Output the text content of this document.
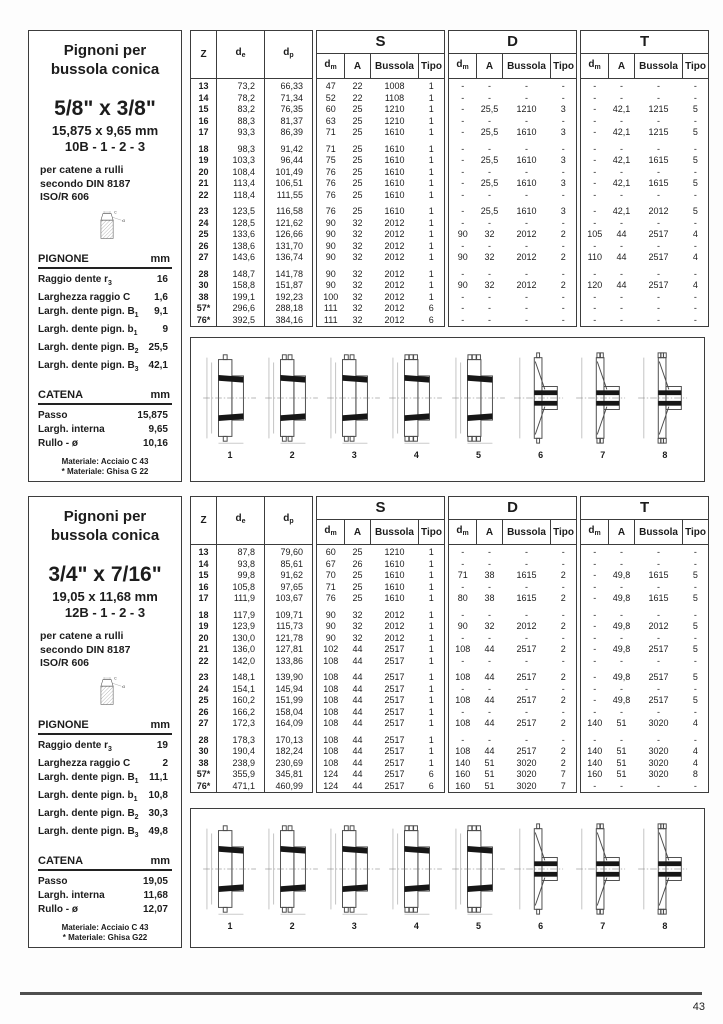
Pignoni per bussola conica
5/8" x 3/8"
15,875 x 9,65 mm
10B - 1 - 2 - 3
per catene a rulli
secondo DIN 8187
ISO/R 606
C
r3
PIGNONE	mm
Raggio dente $r_3$	16
Larghezza raggio C 1,6
Largh. dente pign. $B_1$ 9,1
Largh. dente pign. $b_1$ 9
Largh. dente pign. $B_2$ 25,5
Largh. dente pign. $B_3$ 42,1
CATENA	mm
Passo	15,875
Largh. interna	9,65
Rullo - ø	10,16
Materiale: Acciaio C 43
* Materiale: Ghisa G 22
Z	$d_e$	$d_p$
13	73,2	66,33
14	78,2	71,34
15	83,2	76,35
16	88,3	81,37
17	93,3	86,39

18	98,3	91,42
19	103,3	96,44
20	108,4	101,49
21	113,4	106,51
22	118,4	111,55

23	123,5	116,58
24	128,5	121,62
25	133,6	126,66
26	138,6	131,70
27	143,6	136,74

28	148,7	141,78
30	158,8	151,87
38	199,1	192,23
57*	296,6	288,18
76*	392,5	384,16
S			
$d_m$	A	Bussola	Tipo
47	22	1008	1
52	22	1108	1
60	25	1210	1
63	25	1210	1
71	25	1610	1

71	25	1610	1
75	25	1610	1
76	25	1610	1
76	25	1610	1
76	25	1610	1

76	25	1610	1
90	32	2012	1
90	32	2012	1
90	32	2012	1
90	32	2012	1

90	32	2012	1
90	32	2012	1
100	32	2012	1
111	32	2012	6
111	32	2012	6
D			
$d_m$	A	Bussola	Tipo
-	-	-	-
-	-	-	-
-	25,5	1210	3
-	-	-	-
-	25,5	1610	3

-	-	-	-
-	25,5	1610	3
-	-	-	-
-	25,5	1610	3
-	-	-	-

-	25,5	1610	3
-	-	-	-
90	32	2012	2
-	-	-	-
90	32	2012	2

-	-	-	-
90	32	2012	2
-	-	-	-
-	-	-	-
-	-	-	-
T			
$d_m$	A	Bussola	Tipo
-	-	-	-
-	-	-	-
-	42,1	1215	5
-	-	-	-
-	42,1	1215	5

-	-	-	-
-	42,1	1615	5
-	-	-	-
-	42,1	1615	5
-	-	-	-

-	42,1	2012	5
-	-	-	-
105	44	2517	4
-	-	-	-
110	44	2517	4

-	-	-	-
120	44	2517	4
-	-	-	-
-	-	-	-
-	-	-	-
1	2	3	4	5	6	7	8
Pignoni per bussola conica
3/4" x 7/16"
19,05 x 11,68 mm
12B - 1 - 2 - 3
per catene a rulli
secondo DIN 8187
ISO/R 606
C
r3
PIGNONE	mm
Raggio dente $r_3$	19
Larghezza raggio C	2
Largh. dente pign. $B_1$ 11,1
Largh. dente pign. $b_1$ 10,8
Largh. dente pign. $B_2$ 30,3
Largh. dente pign. $B_3$ 49,8
CATENA	mm
Passo	19,05
Largh. interna	11,68
Rullo - ø	12,07
Materiale: Acciaio C 43
* Materiale: Ghisa G22
Z	$d_e$	$d_p$
13	87,8	79,60
14	93,8	85,61
15	99,8	91,62
16	105,8	97,65
17	111,9	103,67

18	117,9	109,71
19	123,9	115,73
20	130,0	121,78
21	136,0	127,81
22	142,0	133,86

23	148,1	139,90
24	154,1	145,94
25	160,2	151,99
26	166,2	158,04
27	172,3	164,09

28	178,3	170,13
30	190,4	182,24
38	238,9	230,69
57*	355,9	345,81
76*	471,1	460,99
S			
$d_m$	A	Bussola	Tipo
60	25	1210	1
67	26	1610	1
70	25	1610	1
71	25	1610	1
76	25	1610	1

90	32	2012	1
90	32	2012	1
90	32	2012	1
102	44	2517	1
108	44	2517	1

108	44	2517	1
108	44	2517	1
108	44	2517	1
108	44	2517	1
108	44	2517	1

108	44	2517	1
108	44	2517	1
108	44	2517	1
124	44	2517	6
124	44	2517	6
D			
$d_m$	A	Bussola	Tipo
-	-	-	-
-	-	-	-
71	38	1615	2
-	-	-	-
80	38	1615	2

-	-	-	-
90	32	2012	2
-	-	-	-
108	44	2517	2
-	-	-	-

108	44	2517	2
-	-	-	-
108	44	2517	2
-	-	-	-
108	44	2517	2

-	-	-	-
108	44	2517	2
140	51	3020	2
160	51	3020	7
160	51	3020	7
T			
$d_m$	A	Bussola	Tipo
-	-	-	-
-	-	-	-
-	49,8	1615	5
-	-	-	-
-	49,8	1615	5

-	-	-	-
-	49,8	2012	5
-	-	-	-
-	49,8	2517	5
-	-	-	-

-	49,8	2517	5
-	-	-	-
-	49,8	2517	5
-	-	-	-
140	51	3020	4

-	-	-	-
140	51	3020	4
140	51	3020	4
160	51	3020	8
-	-	-	-
1	2	3	4	5	6	7	8
43
